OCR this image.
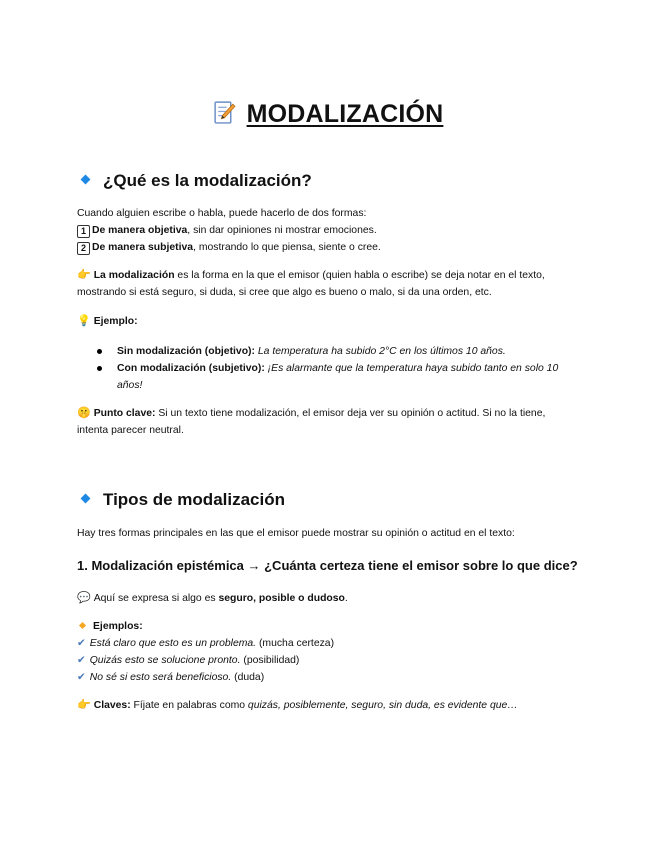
MODALIZACIÓN
¿Qué es la modalización?
Cuando alguien escribe o habla, puede hacerlo de dos formas:
1 De manera objetiva, sin dar opiniones ni mostrar emociones.
2 De manera subjetiva, mostrando lo que piensa, siente o cree.
👉 La modalización es la forma en la que el emisor (quien habla o escribe) se deja notar en el texto, mostrando si está seguro, si duda, si cree que algo es bueno o malo, si da una orden, etc.
💡 Ejemplo:
Sin modalización (objetivo): La temperatura ha subido 2°C en los últimos 10 años.
Con modalización (subjetivo): ¡Es alarmante que la temperatura haya subido tanto en solo 10 años!
🤫 Punto clave: Si un texto tiene modalización, el emisor deja ver su opinión o actitud. Si no la tiene, intenta parecer neutral.
Tipos de modalización
Hay tres formas principales en las que el emisor puede mostrar su opinión o actitud en el texto:
1. Modalización epistémica → ¿Cuánta certeza tiene el emisor sobre lo que dice?
💬 Aquí se expresa si algo es seguro, posible o dudoso.
Ejemplos:
✔ Está claro que esto es un problema. (mucha certeza)
✔ Quizás esto se solucione pronto. (posibilidad)
✔ No sé si esto será beneficioso. (duda)
👉 Claves: Fíjate en palabras como quizás, posiblemente, seguro, sin duda, es evidente que…
